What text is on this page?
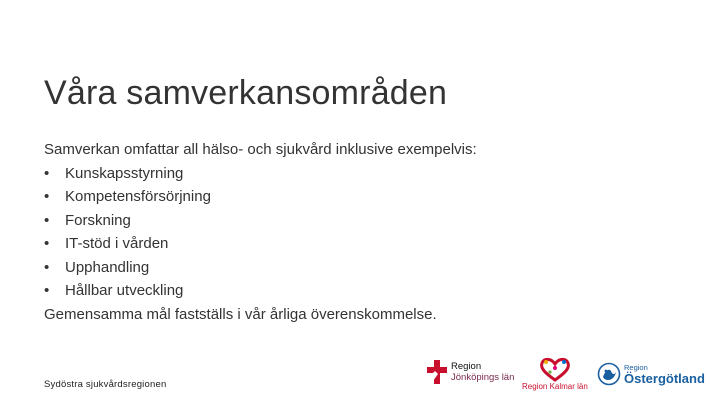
Våra samverkansområden
Samverkan omfattar all hälso- och sjukvård inklusive exempelvis:
•	Kunskapsstyrning
•	Kompetensförsörjning
•	Forskning
•	IT-stöd i vården
•	Upphandling
•	Hållbar utveckling
Gemensamma mål fastställs i vår årliga överenskommelse.
Sydöstra sjukvårdsregionen
Region
Jönköpings län
Region Kalmar län
Region
Östergötland
